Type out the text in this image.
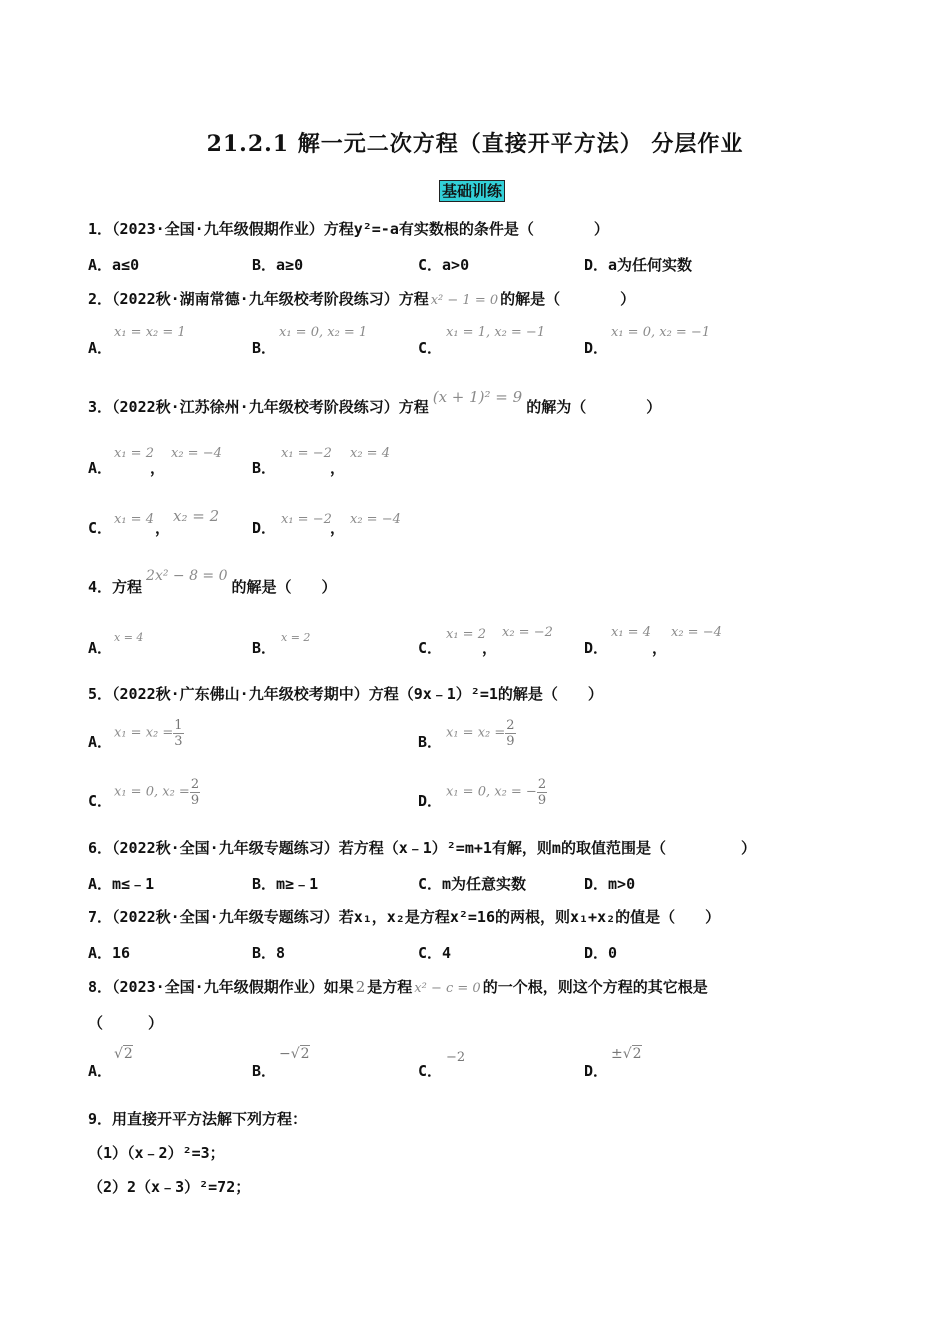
21.2.1 解一元二次方程（直接开平方法） 分层作业
基础训练
1．（2023·全国·九年级假期作业）方程y²=-a有实数根的条件是（　　　　）
A．a≤0	B．a≥0	C．a>0	D．a为任何实数
2．（2022秋·湖南常德·九年级校考阶段练习）方程 x² − 1 = 0 的解是（　　　　）
A．
x₁ = x₂ = 1
B．
x₁ = 0, x₂ = 1
C．
x₁ = 1, x₂ = −1
D．
x₁ = 0, x₂ = −1
3．（2022秋·江苏徐州·九年级校考阶段练习）方程(x + 1)² = 9的解为（　　　　）
A．
x₁ = 2
，
x₂ = −4
B．
x₁ = −2
，
x₂ = 4
C． x₁ = 4 ，
x₂ = 2
D． x₁ = −2
， x₂ = −4
4．方程2x² − 8 = 0的解是（　　）
A．
x = 4
B．
x = 2
C．
x₁ = 2
，
x₂ = −2
D．
x₁ = 4
，
x₂ = −4
5．（2022秋·广东佛山·九年级校考期中）方程（9x﹣1）²=1的解是（　　）
A． $x_1 = x_2 = \frac{1}{3}$	B． $x_1 = x_2 = \frac{2}{9}$
C． x₁ = 0, $x_2 = \frac{2}{9}$	D． x₁ = 0, x₂ = − $\frac{2}{9}$
6．（2022秋·全国·九年级专题练习）若方程（x﹣1）²=m+1有解，则m的取值范围是（　　　　　）
A．m≤﹣1	B．m≥﹣1	C．m为任意实数	D．m>0
7．（2022秋·全国·九年级专题练习）若x₁，x₂是方程x²=16的两根，则x₁+x₂的值是（　　）
A．16	B．8	C．4	D．0
8．（2023·全国·九年级假期作业）如果 2 是方程 x² − c = 0 的一个根，则这个方程的其它根是
（　　　）
A．
√2
B．
−√2
C．
−2
D．
±√2
9．用直接开平方法解下列方程：
（1）（x﹣2）²=3；
（2）2（x﹣3）²=72；
